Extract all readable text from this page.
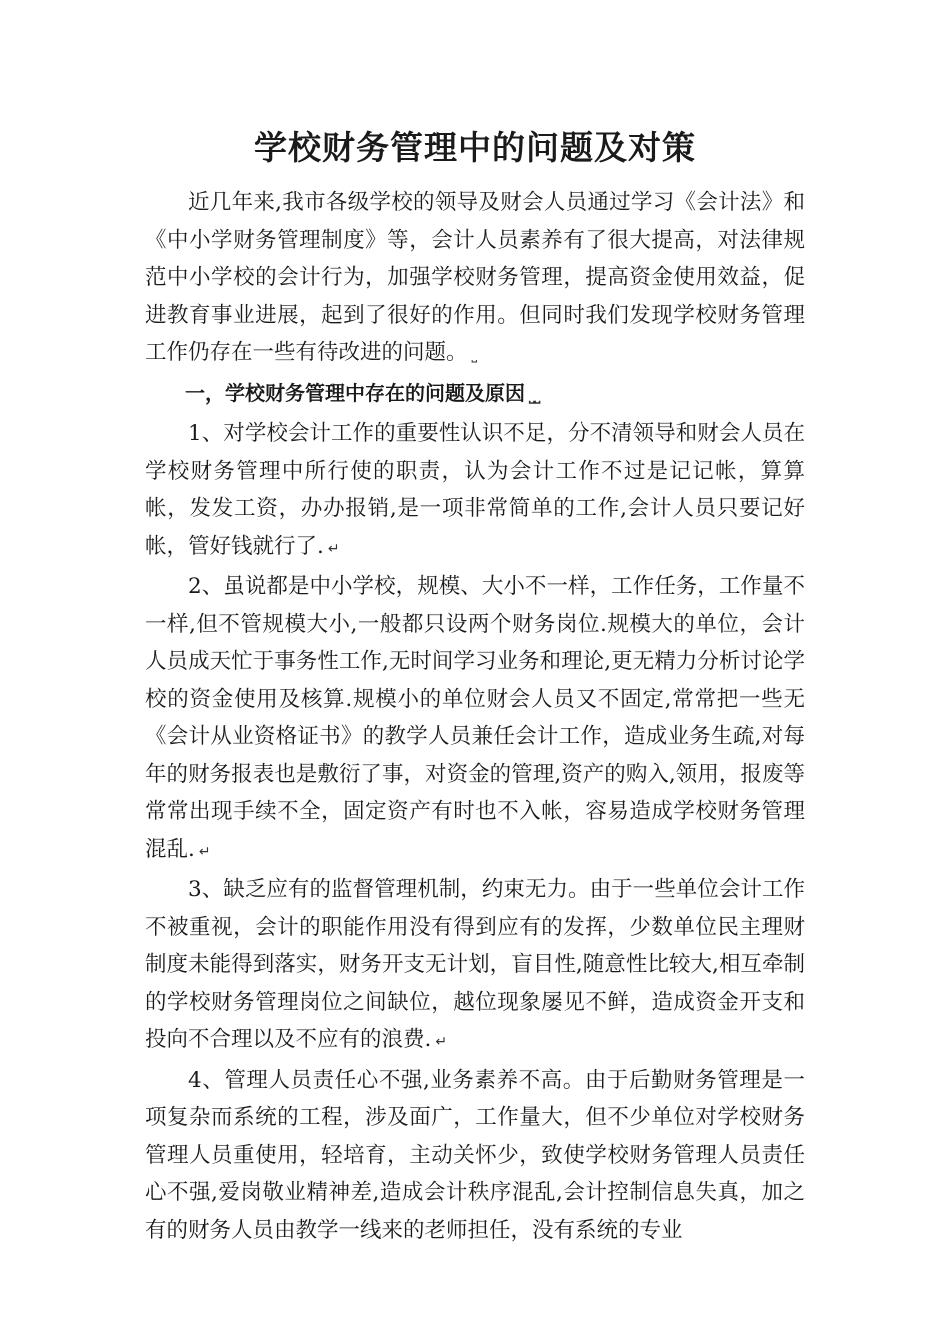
学校财务管理中的问题及对策

近几年来,我市各级学校的领导及财会人员通过学习《会计法》和《中小学财务管理制度》等，会计人员素养有了很大提高，对法律规范中小学校的会计行为，加强学校财务管理，提高资金使用效益，促进教育事业进展，起到了很好的作用。但同时我们发现学校财务管理工作仍存在一些有待改进的问题。 ⎵

一，学校财务管理中存在的问题及原因 ⎵⎵

1、对学校会计工作的重要性认识不足，分不清领导和财会人员在学校财务管理中所行使的职责，认为会计工作不过是记记帐，算算帐，发发工资，办办报销,是一项非常简单的工作,会计人员只要记好帐，管好钱就行了. ↵

2、虽说都是中小学校，规模、大小不一样，工作任务，工作量不一样,但不管规模大小,一般都只设两个财务岗位.规模大的单位，会计人员成天忙于事务性工作,无时间学习业务和理论,更无精力分析讨论学校的资金使用及核算.规模小的单位财会人员又不固定,常常把一些无《会计从业资格证书》的教学人员兼任会计工作，造成业务生疏,对每年的财务报表也是敷衍了事，对资金的管理,资产的购入,领用，报废等常常出现手续不全，固定资产有时也不入帐，容易造成学校财务管理混乱. ↵

3、缺乏应有的监督管理机制，约束无力。由于一些单位会计工作不被重视，会计的职能作用没有得到应有的发挥，少数单位民主理财制度未能得到落实，财务开支无计划，盲目性,随意性比较大,相互牵制的学校财务管理岗位之间缺位，越位现象屡见不鲜，造成资金开支和投向不合理以及不应有的浪费. ↵

4、管理人员责任心不强,业务素养不高。由于后勤财务管理是一项复杂而系统的工程，涉及面广，工作量大，但不少单位对学校财务管理人员重使用，轻培育，主动关怀少，致使学校财务管理人员责任心不强,爱岗敬业精神差,造成会计秩序混乱,会计控制信息失真，加之有的财务人员由教学一线来的老师担任，没有系统的专业
